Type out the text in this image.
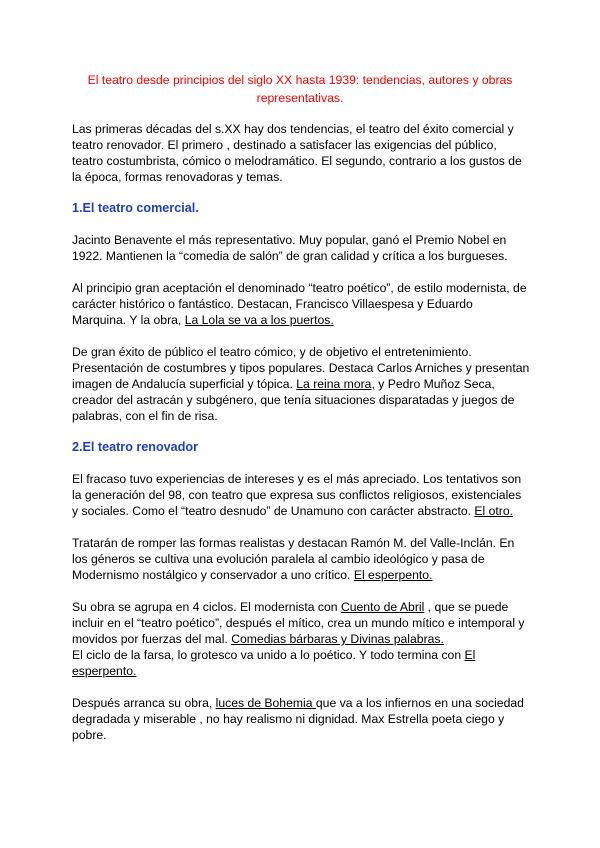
El teatro desde principios del siglo XX hasta 1939: tendencias, autores y obras
representativas.

Las primeras décadas del s.XX hay dos tendencias, el teatro del éxito comercial y
teatro renovador. El primero , destinado a satisfacer las exigencias del público,
teatro costumbrista, cómico o melodramático. El segundo, contrario a los gustos de
la época, formas renovadoras y temas.

1.El teatro comercial.

Jacinto Benavente el más representativo. Muy popular, ganó el Premio Nobel en
1922. Mantienen la “comedia de salón” de gran calidad y crítica a los burgueses.

Al principio gran aceptación el denominado “teatro poético”, de estilo modernista, de
carácter histórico o fantástico. Destacan, Francisco Villaespesa y Eduardo
Marquina. Y la obra, La Lola se va a los puertos.

De gran éxito de público el teatro cómico, y de objetivo el entretenimiento.
Presentación de costumbres y tipos populares. Destaca Carlos Arniches y presentan
imagen de Andalucía superficial y tópica. La reina mora, y Pedro Muñoz Seca,
creador del astracán y subgénero, que tenía situaciones disparatadas y juegos de
palabras, con el fin de risa.

2.El teatro renovador

El fracaso tuvo experiencias de intereses y es el más apreciado. Los tentativos son
la generación del 98, con teatro que expresa sus conflictos religiosos, existenciales
y sociales. Como el “teatro desnudo” de Unamuno con carácter abstracto. El otro.

Tratarán de romper las formas realistas y destacan Ramón M. del Valle-Inclán. En
los géneros se cultiva una evolución paralela al cambio ideológico y pasa de
Modernismo nostálgico y conservador a uno crítico. El esperpento.

Su obra se agrupa en 4 ciclos. El modernista con Cuento de Abril , que se puede
incluir en el “teatro poético”, después el mítico, crea un mundo mítico e intemporal y
movidos por fuerzas del mal. Comedias bárbaras y Divinas palabras.
El ciclo de la farsa, lo grotesco va unido a lo poético. Y todo termina con El
esperpento.

Después arranca su obra, luces de Bohemia que va a los infiernos en una sociedad
degradada y miserable , no hay realismo ni dignidad. Max Estrella poeta ciego y
pobre.
